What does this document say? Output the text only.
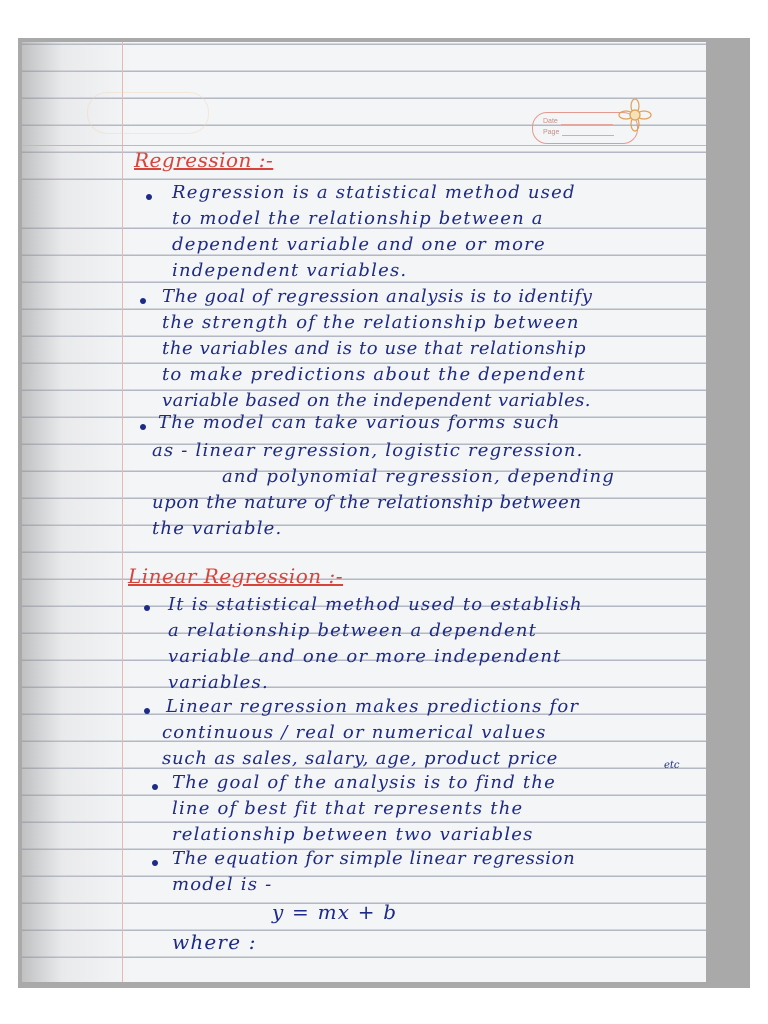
Date
Page
Regression :-
Regression is a statistical method used
to model the relationship between a
dependent variable and one or more
independent variables.
The goal of regression analysis is to identify
the strength of the relationship between
the variables and is to use that relationship
to make predictions about the dependent
variable based on the independent variables.
The model can take various forms such
as - linear regression, logistic regression.
and polynomial regression, depending
upon the nature of the relationship between
the variable.
Linear Regression :-
It is statistical method used to establish
a relationship between a dependent
variable and one or more independent
variables.
Linear regression makes predictions for
continuous / real or numerical values
such as sales, salary, age, product price	etc
The goal of the analysis is to find the
line of best fit that represents the
relationship between two variables
The equation for simple linear regression
model is -
y = mx + b
where :
